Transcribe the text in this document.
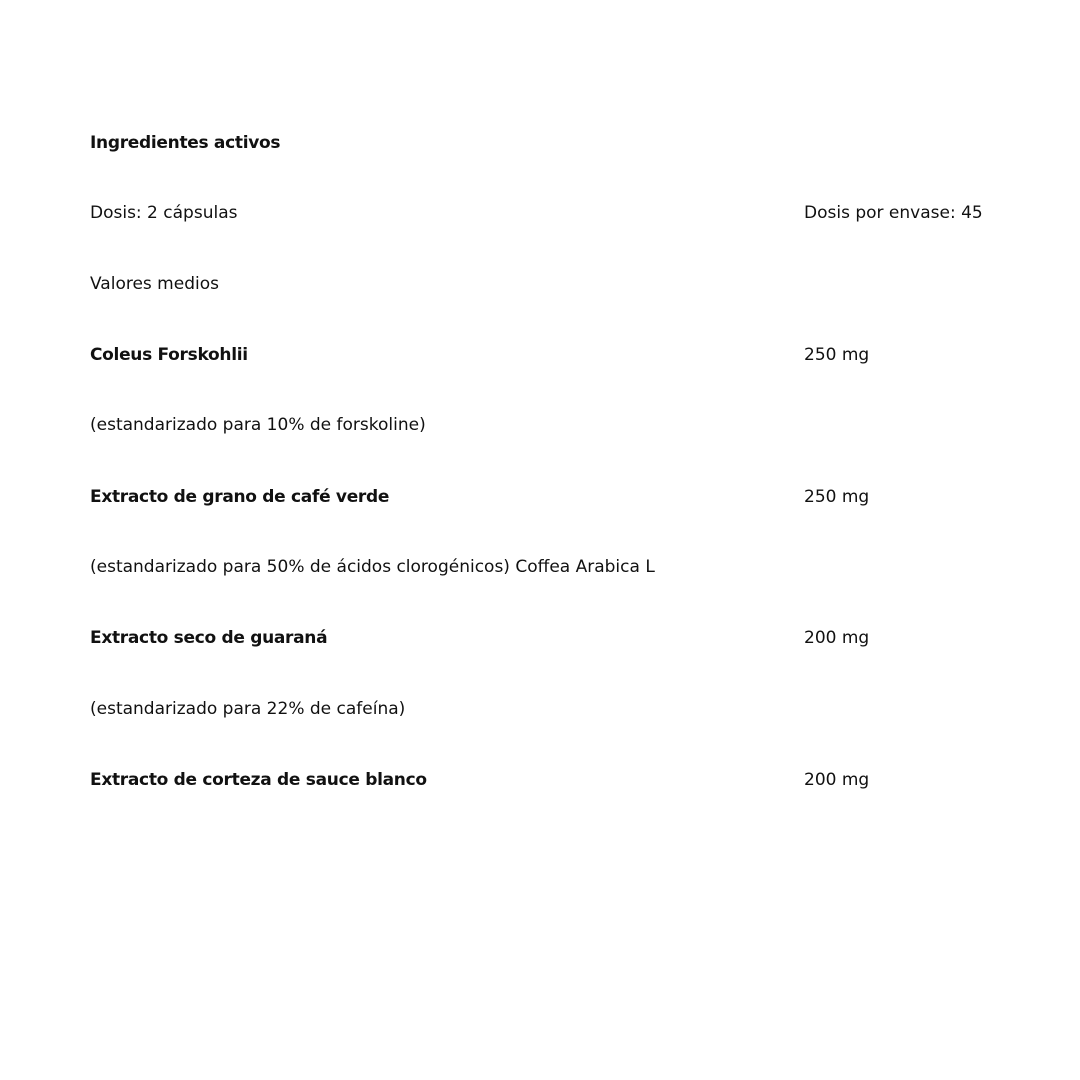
Ingredientes activos
Dosis: 2 cápsulas	Dosis por envase: 45
Valores medios
Coleus Forskohlii	250 mg
(estandarizado para 10% de forskoline)
Extracto de grano de café verde	250 mg
(estandarizado para 50% de ácidos clorogénicos) Coffea Arabica L
Extracto seco de guaraná	200 mg
(estandarizado para 22% de cafeína)
Extracto de corteza de sauce blanco	200 mg
